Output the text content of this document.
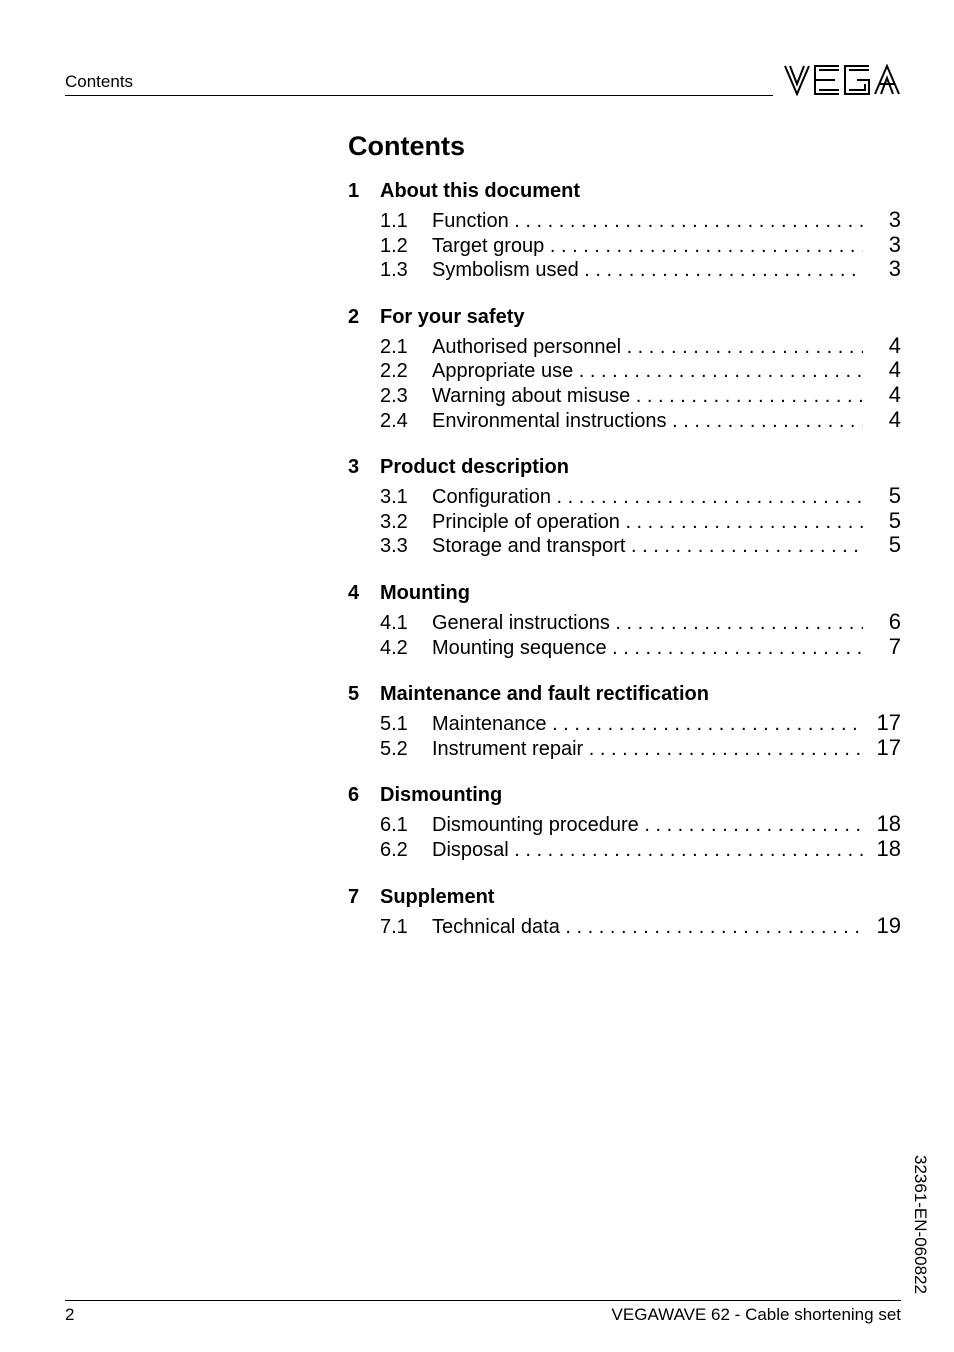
Contents
Contents
1	About this document
1.1	Function . . .	3
1.2	Target group . . .	3
1.3	Symbolism used . . .	3
2	For your safety
2.1	Authorised personnel . . .	4
2.2	Appropriate use . . .	4
2.3	Warning about misuse . . .	4
2.4	Environmental instructions . . .	4
3	Product description
3.1	Configuration . . .	5
3.2	Principle of operation . . .	5
3.3	Storage and transport . . .	5
4	Mounting
4.1	General instructions . . .	6
4.2	Mounting sequence . . .	7
5	Maintenance and fault rectification
5.1	Maintenance . . .	17
5.2	Instrument repair . . .	17
6	Dismounting
6.1	Dismounting procedure . . .	18
6.2	Disposal . . .	18
7	Supplement
7.1	Technical data . . .	19
32361-EN-060822
2	VEGAWAVE 62 - Cable shortening set
